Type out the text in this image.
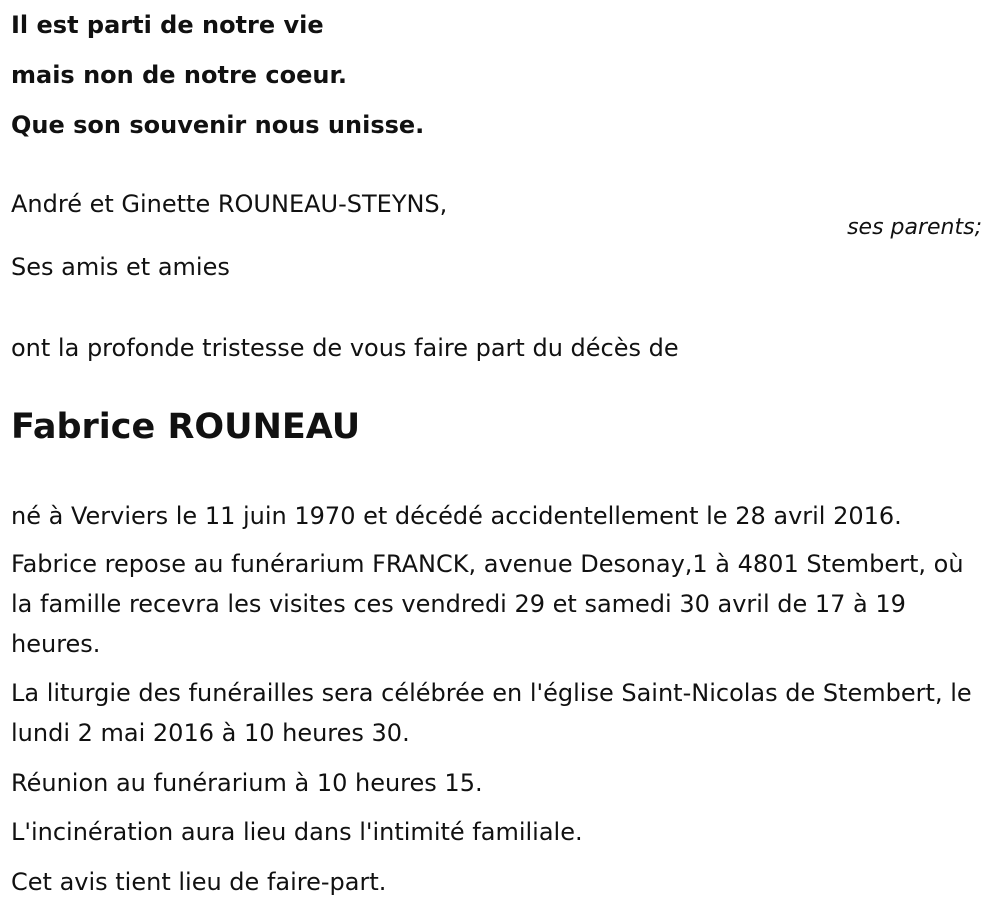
Il est parti de notre vie
mais non de notre coeur.
Que son souvenir nous unisse.
André et Ginette ROUNEAU-STEYNS,
ses parents;
Ses amis et amies
ont la profonde tristesse de vous faire part du décès de
Fabrice ROUNEAU
né à Verviers le 11 juin 1970 et décédé accidentellement le 28 avril 2016.
Fabrice repose au funérarium FRANCK, avenue Desonay,1 à 4801 Stembert, où la famille recevra les visites ces vendredi 29 et samedi 30 avril de 17 à 19 heures.
La liturgie des funérailles sera célébrée en l'église Saint-Nicolas de Stembert, le lundi 2 mai 2016 à 10 heures 30.
Réunion au funérarium à 10 heures 15.
L'incinération aura lieu dans l'intimité familiale.
Cet avis tient lieu de faire-part.
